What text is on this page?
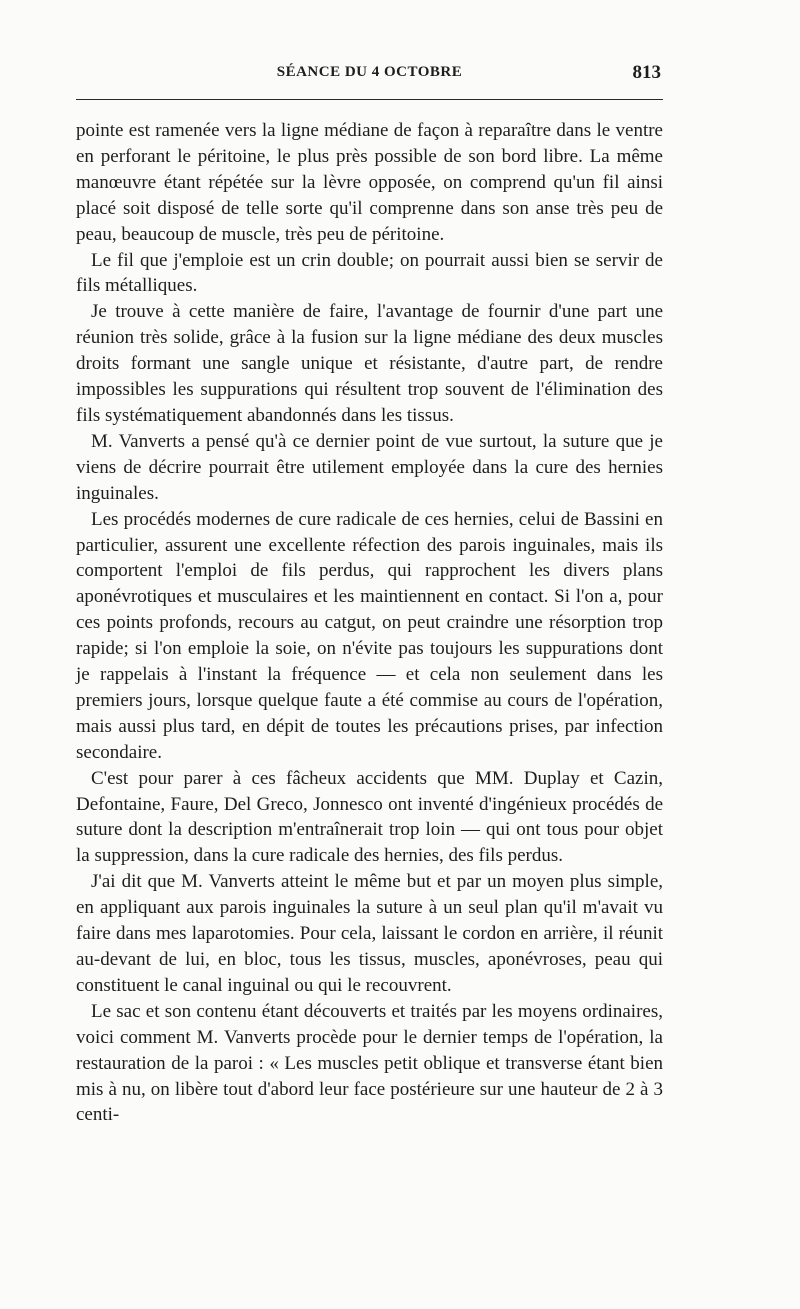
SÉANCE DU 4 OCTOBRE	813

pointe est ramenée vers la ligne médiane de façon à reparaître dans le ventre en perforant le péritoine, le plus près possible de son bord libre. La même manœuvre étant répétée sur la lèvre opposée, on comprend qu'un fil ainsi placé soit disposé de telle sorte qu'il comprenne dans son anse très peu de peau, beaucoup de muscle, très peu de péritoine.

Le fil que j'emploie est un crin double; on pourrait aussi bien se servir de fils métalliques.

Je trouve à cette manière de faire, l'avantage de fournir d'une part une réunion très solide, grâce à la fusion sur la ligne médiane des deux muscles droits formant une sangle unique et résistante, d'autre part, de rendre impossibles les suppurations qui résultent trop souvent de l'élimination des fils systématiquement abandonnés dans les tissus.

M. Vanverts a pensé qu'à ce dernier point de vue surtout, la suture que je viens de décrire pourrait être utilement employée dans la cure des hernies inguinales.

Les procédés modernes de cure radicale de ces hernies, celui de Bassini en particulier, assurent une excellente réfection des parois inguinales, mais ils comportent l'emploi de fils perdus, qui rapprochent les divers plans aponévrotiques et musculaires et les maintiennent en contact. Si l'on a, pour ces points profonds, recours au catgut, on peut craindre une résorption trop rapide; si l'on emploie la soie, on n'évite pas toujours les suppurations dont je rappelais à l'instant la fréquence — et cela non seulement dans les premiers jours, lorsque quelque faute a été commise au cours de l'opération, mais aussi plus tard, en dépit de toutes les précautions prises, par infection secondaire.

C'est pour parer à ces fâcheux accidents que MM. Duplay et Cazin, Defontaine, Faure, Del Greco, Jonnesco ont inventé d'ingénieux procédés de suture dont la description m'entraînerait trop loin — qui ont tous pour objet la suppression, dans la cure radicale des hernies, des fils perdus.

J'ai dit que M. Vanverts atteint le même but et par un moyen plus simple, en appliquant aux parois inguinales la suture à un seul plan qu'il m'avait vu faire dans mes laparotomies. Pour cela, laissant le cordon en arrière, il réunit au-devant de lui, en bloc, tous les tissus, muscles, aponévroses, peau qui constituent le canal inguinal ou qui le recouvrent.

Le sac et son contenu étant découverts et traités par les moyens ordinaires, voici comment M. Vanverts procède pour le dernier temps de l'opération, la restauration de la paroi : « Les muscles petit oblique et transverse étant bien mis à nu, on libère tout d'abord leur face postérieure sur une hauteur de 2 à 3 centi-
